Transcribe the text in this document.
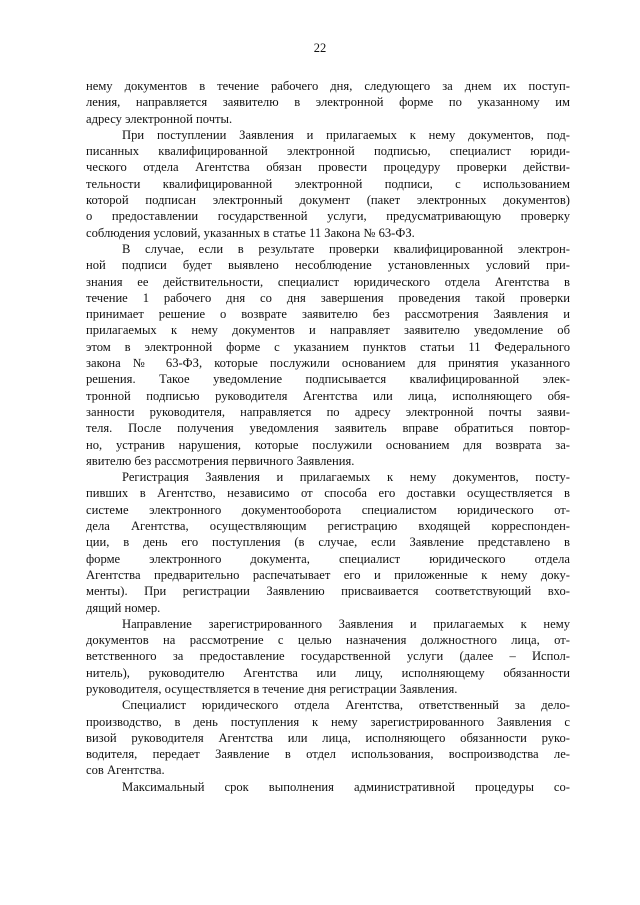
22
нему документов в течение рабочего дня, следующего за днем их поступ-
ления, направляется заявителю в электронной форме по указанному им
адресу электронной почты.
При поступлении Заявления и прилагаемых к нему документов, под-
писанных квалифицированной электронной подписью, специалист юриди-
ческого отдела Агентства обязан провести процедуру проверки действи-
тельности квалифицированной электронной подписи, с использованием
которой подписан электронный документ (пакет электронных документов)
о предоставлении государственной услуги, предусматривающую проверку
соблюдения условий, указанных в статье 11 Закона № 63-ФЗ.
В случае, если в результате проверки квалифицированной электрон-
ной подписи будет выявлено несоблюдение установленных условий при-
знания ее действительности, специалист юридического отдела Агентства в
течение 1 рабочего дня со дня завершения проведения такой проверки
принимает решение о возврате заявителю без рассмотрения Заявления и
прилагаемых к нему документов и направляет заявителю уведомление об
этом в электронной форме с указанием пунктов статьи 11 Федерального
закона № 63-ФЗ, которые послужили основанием для принятия указанного
решения. Такое уведомление подписывается квалифицированной элек-
тронной подписью руководителя Агентства или лица, исполняющего обя-
занности руководителя, направляется по адресу электронной почты заяви-
теля. После получения уведомления заявитель вправе обратиться повтор-
но, устранив нарушения, которые послужили основанием для возврата за-
явителю без рассмотрения первичного Заявления.
Регистрация Заявления и прилагаемых к нему документов, посту-
пивших в Агентство, независимо от способа его доставки осуществляется в
системе электронного документооборота специалистом юридического от-
дела Агентства, осуществляющим регистрацию входящей корреспонден-
ции, в день его поступления (в случае, если Заявление представлено в
форме электронного документа, специалист юридического отдела
Агентства предварительно распечатывает его и приложенные к нему доку-
менты). При регистрации Заявлению присваивается соответствующий вхо-
дящий номер.
Направление зарегистрированного Заявления и прилагаемых к нему
документов на рассмотрение с целью назначения должностного лица, от-
ветственного за предоставление государственной услуги (далее – Испол-
нитель), руководителю Агентства или лицу, исполняющему обязанности
руководителя, осуществляется в течение дня регистрации Заявления.
Специалист юридического отдела Агентства, ответственный за дело-
производство, в день поступления к нему зарегистрированного Заявления с
визой руководителя Агентства или лица, исполняющего обязанности руко-
водителя, передает Заявление в отдел использования, воспроизводства ле-
сов Агентства.
Максимальный срок выполнения административной процедуры со-
